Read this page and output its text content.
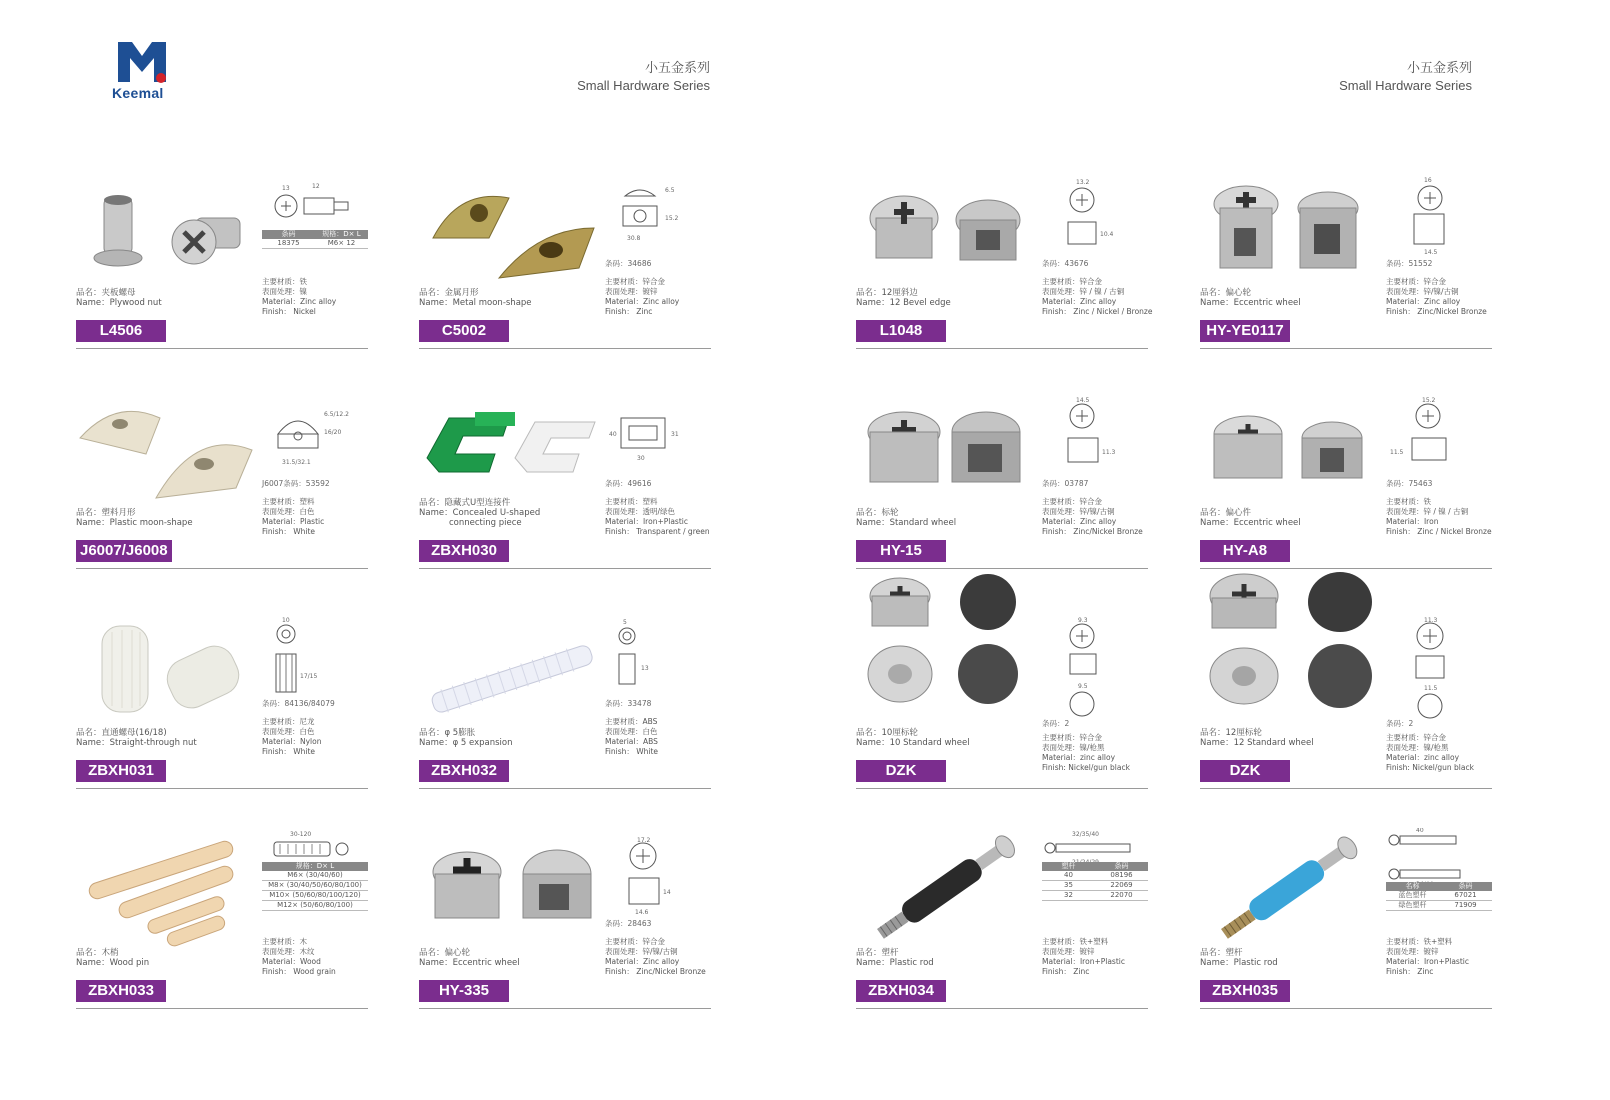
Keemal
小五金系列
Small Hardware Series
小五金系列
Small Hardware Series
13	12
条码	规格：D× L
18375	M6× 12
主要材质：铁
表面处理：镍
Material：Zinc alloy
Finish： Nickel
品名：夹板螺母
Name：Plywood nut
L4506
6.5
15.2
30.8
条码：34686
主要材质：锌合金
表面处理：镀锌
Material：Zinc alloy
Finish： Zinc
品名：金属月形
Name：Metal moon-shape
C5002
13.2
10.4
条码：43676
主要材质：锌合金
表面处理：锌 / 镍 / 古铜
Material：Zinc alloy
Finish： Zinc / Nickel / Bronze
品名：12厘斜边
Name：12 Bevel edge
L1048
16
14.5
条码：51552
主要材质：锌合金
表面处理：锌/镍/古铜
Material：Zinc alloy
Finish： Zinc/Nickel Bronze
品名：偏心轮
Name：Eccentric wheel
HY-YE0117
6.5/12.2
16/20
31.5/32.1
J6007条码：53592
主要材质：塑料
表面处理：白色
Material：Plastic
Finish： White
品名：塑料月形
Name：Plastic moon-shape
J6007/J6008
40	31
30
条码：49616
主要材质：塑料
表面处理：透明/绿色
Material：Iron+Plastic
Finish： Transparent / green
品名：隐藏式U型连接件
Name：Concealed U-shaped
connecting piece
ZBXH030
14.5
11.3
条码：03787
主要材质：锌合金
表面处理：锌/镍/古铜
Material：Zinc alloy
Finish： Zinc/Nickel Bronze
品名：标轮
Name：Standard wheel
HY-15
15.2
11.5
条码：75463
主要材质：铁
表面处理：锌 / 镍 / 古铜
Material：Iron
Finish： Zinc / Nickel Bronze
品名：偏心件
Name：Eccentric wheel
HY-A8
10
17/15
条码：84136/84079
主要材质：尼龙
表面处理：白色
Material：Nylon
Finish： White
品名：直通螺母(16/18)
Name：Straight-through nut
ZBXH031
5
13
条码：33478
主要材质：ABS
表面处理：白色
Material：ABS
Finish： White
品名：φ 5膨胀
Name：φ 5 expansion
ZBXH032
9.3
9.5
条码：2
主要材质：锌合金
表面处理：镍/枪黑
Material：zinc alloy
Finish: Nickel/gun black
品名：10厘标轮
Name：10 Standard wheel
DZK
11.3
11.5
条码：2
主要材质：锌合金
表面处理：镍/枪黑
Material：zinc alloy
Finish: Nickel/gun black
品名：12厘标轮
Name：12 Standard wheel
DZK
30-120
规格：D× L
M6× (30/40/60)
M8× (30/40/50/60/80/100)
M10× (50/60/80/100/120)
M12× (50/60/80/100)
主要材质：木
表面处理：木纹
Material：Wood
Finish： Wood grain
品名：木梢
Name：Wood pin
ZBXH033
17.2
14
14.6
条码：28463
主要材质：锌合金
表面处理：锌/镍/古铜
Material：Zinc alloy
Finish： Zinc/Nickel Bronze
品名：偏心轮
Name：Eccentric wheel
HY-335
32/35/40
塑杆	条码
40	08196
35	22069
32	22070
主要材质：铁+塑料
表面处理：镀锌
Material：Iron+Plastic
Finish： Zinc
品名：塑杆
Name：Plastic rod
ZBXH034
40
名称	条码
蓝色塑杆	67021
绿色塑杆	71909
主要材质：铁+塑料
表面处理：镀锌
Material：Iron+Plastic
Finish： Zinc
品名：塑杆
Name：Plastic rod
ZBXH035
